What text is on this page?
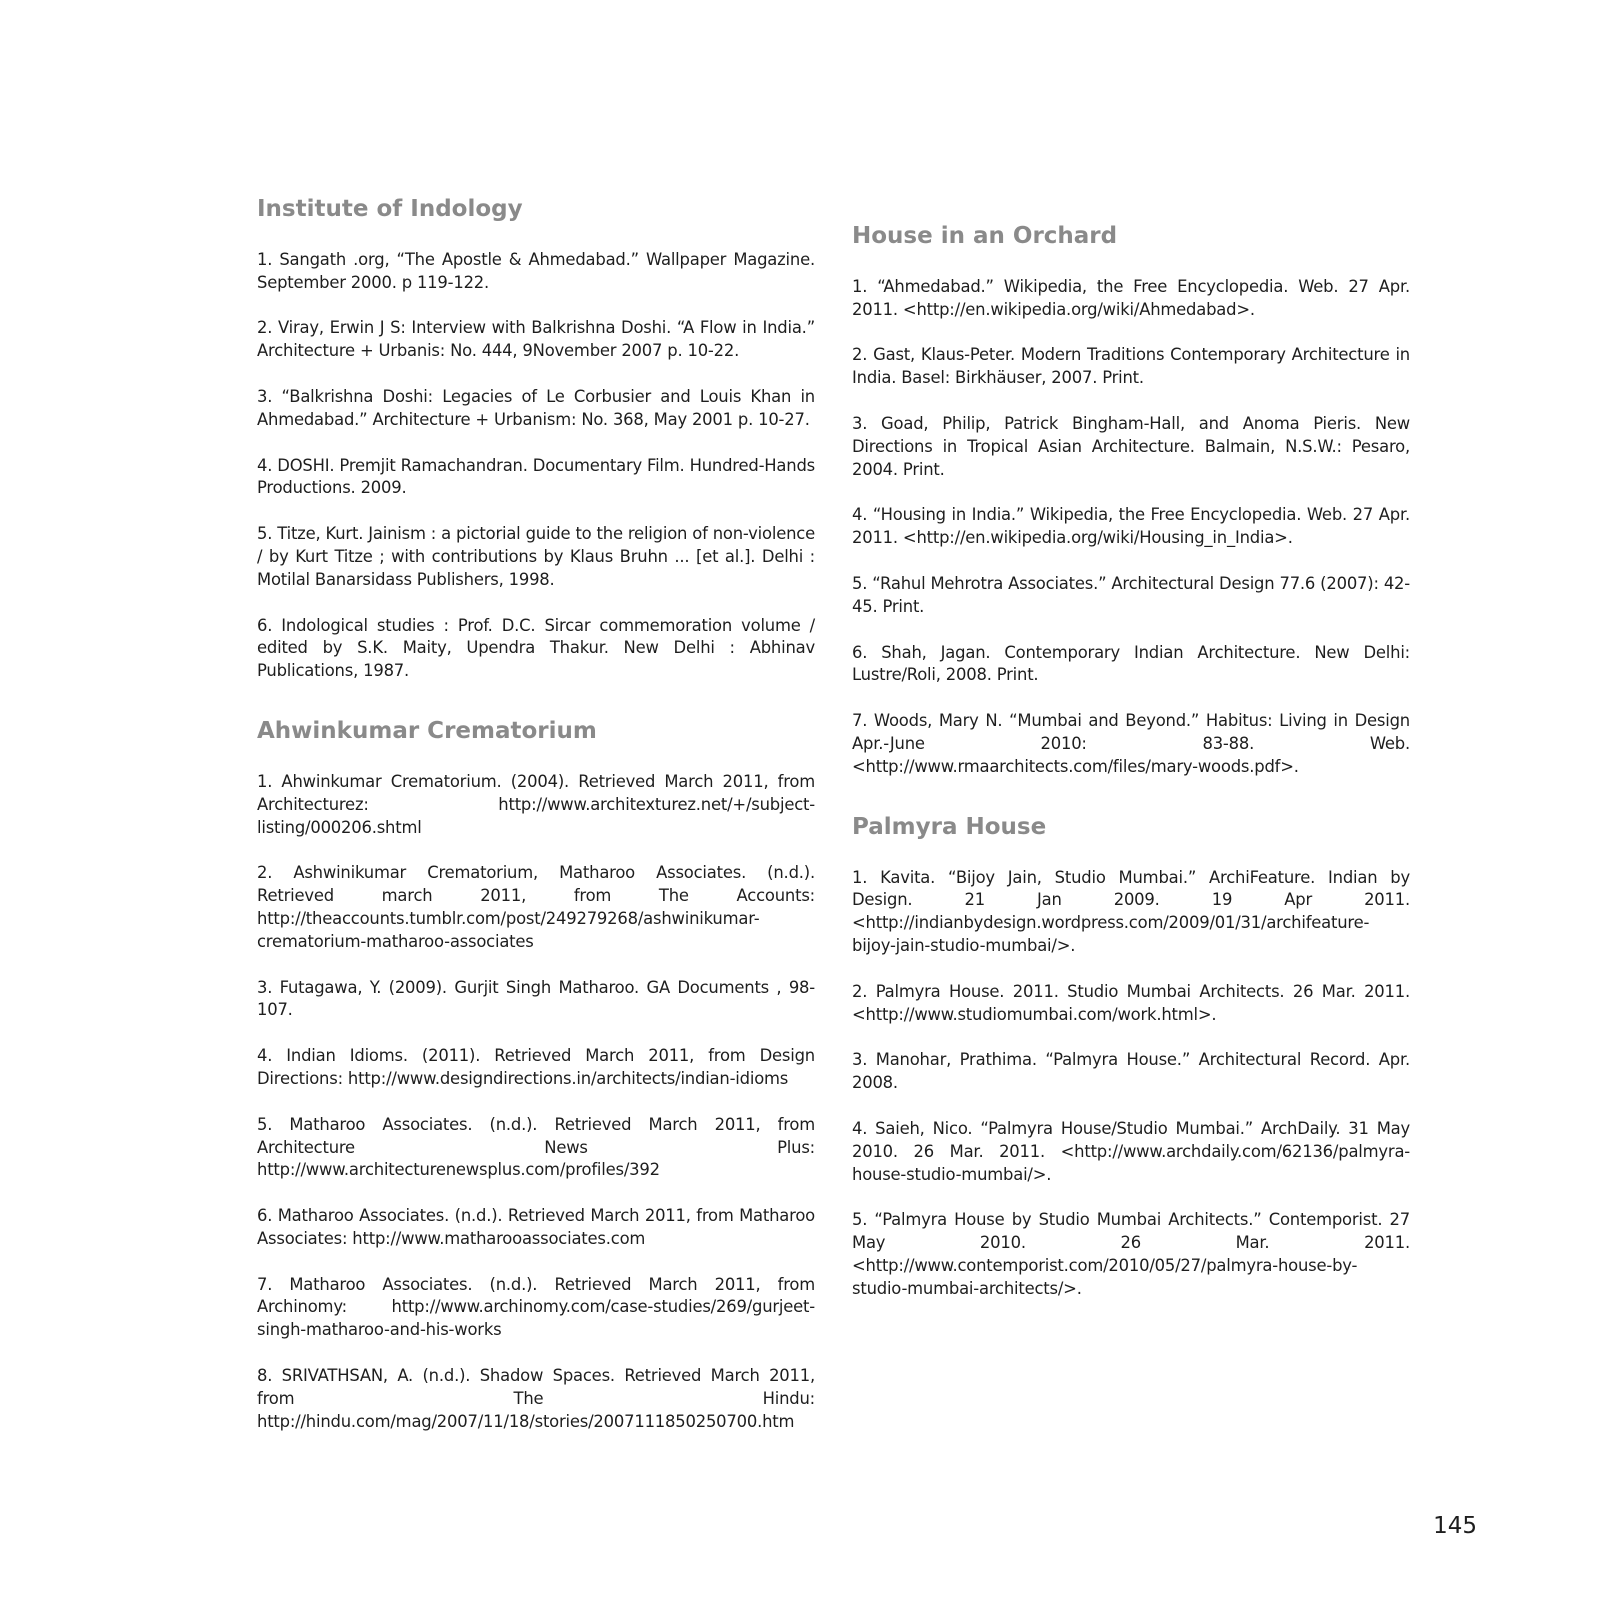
Institute of Indology

1. Sangath .org, “The Apostle & Ahmedabad.” Wallpaper Magazine. September 2000. p 119-122.

2. Viray, Erwin J S: Interview with Balkrishna Doshi. “A Flow in India.” Architecture + Urbanis: No. 444, 9November 2007 p. 10-22.

3. “Balkrishna Doshi: Legacies of Le Corbusier and Louis Khan in Ahmedabad.” Architecture + Urbanism: No. 368, May 2001 p. 10-27.

4. DOSHI. Premjit Ramachandran. Documentary Film. Hundred-Hands Productions. 2009.

5. Titze, Kurt. Jainism : a pictorial guide to the religion of non-violence / by Kurt Titze ; with contributions by Klaus Bruhn ... [et al.]. Delhi : Motilal Banarsidass Publishers, 1998.

6. Indological studies : Prof. D.C. Sircar commemoration volume / edited by S.K. Maity, Upendra Thakur. New Delhi : Abhinav Publications, 1987.

Ahwinkumar Crematorium

1. Ahwinkumar Crematorium. (2004). Retrieved March 2011, from Architecturez: http://www.architexturez.net/+/subject-listing/000206.shtml

2. Ashwinikumar Crematorium, Matharoo Associates. (n.d.). Retrieved march 2011, from The Accounts: http://theaccounts.tumblr.com/post/249279268/ashwinikumar-crematorium-matharoo-associates

3. Futagawa, Y. (2009). Gurjit Singh Matharoo. GA Documents , 98-107.

4. Indian Idioms. (2011). Retrieved March 2011, from Design Directions: http://www.designdirections.in/architects/indian-idioms

5. Matharoo Associates. (n.d.). Retrieved March 2011, from Architecture News Plus: http://www.architecturenewsplus.com/profiles/392

6. Matharoo Associates. (n.d.). Retrieved March 2011, from Matharoo Associates: http://www.matharooassociates.com

7. Matharoo Associates. (n.d.). Retrieved March 2011, from Archinomy: http://www.archinomy.com/case-studies/269/gurjeet-singh-matharoo-and-his-works

8. SRIVATHSAN, A. (n.d.). Shadow Spaces. Retrieved March 2011, from The Hindu: http://hindu.com/mag/2007/11/18/stories/2007111850250700.htm

House in an Orchard

1. “Ahmedabad.” Wikipedia, the Free Encyclopedia. Web. 27 Apr. 2011. <http://en.wikipedia.org/wiki/Ahmedabad>.

2. Gast, Klaus-Peter. Modern Traditions Contemporary Architecture in India. Basel: Birkhäuser, 2007. Print.

3. Goad, Philip, Patrick Bingham-Hall, and Anoma Pieris. New Directions in Tropical Asian Architecture. Balmain, N.S.W.: Pesaro, 2004. Print.

4. “Housing in India.” Wikipedia, the Free Encyclopedia. Web. 27 Apr. 2011. <http://en.wikipedia.org/wiki/Housing_in_India>.

5. “Rahul Mehrotra Associates.” Architectural Design 77.6 (2007): 42-45. Print.

6. Shah, Jagan. Contemporary Indian Architecture. New Delhi: Lustre/Roli, 2008. Print.

7. Woods, Mary N. “Mumbai and Beyond.” Habitus: Living in Design Apr.-June 2010: 83-88. Web. <http://www.rmaarchitects.com/files/mary-woods.pdf>.

Palmyra House

1. Kavita. “Bijoy Jain, Studio Mumbai.” ArchiFeature. Indian by Design. 21 Jan 2009. 19 Apr 2011. <http://indianbydesign.wordpress.com/2009/01/31/archifeature-bijoy-jain-studio-mumbai/>.

2. Palmyra House. 2011. Studio Mumbai Architects. 26 Mar. 2011. <http://www.studiomumbai.com/work.html>.

3. Manohar, Prathima. “Palmyra House.” Architectural Record. Apr. 2008.

4. Saieh, Nico. “Palmyra House/Studio Mumbai.” ArchDaily. 31 May 2010. 26 Mar. 2011. <http://www.archdaily.com/62136/palmyra-house-studio-mumbai/>.

5. “Palmyra House by Studio Mumbai Architects.” Contemporist. 27 May 2010. 26 Mar. 2011. <http://www.contemporist.com/2010/05/27/palmyra-house-by-studio-mumbai-architects/>.

145
